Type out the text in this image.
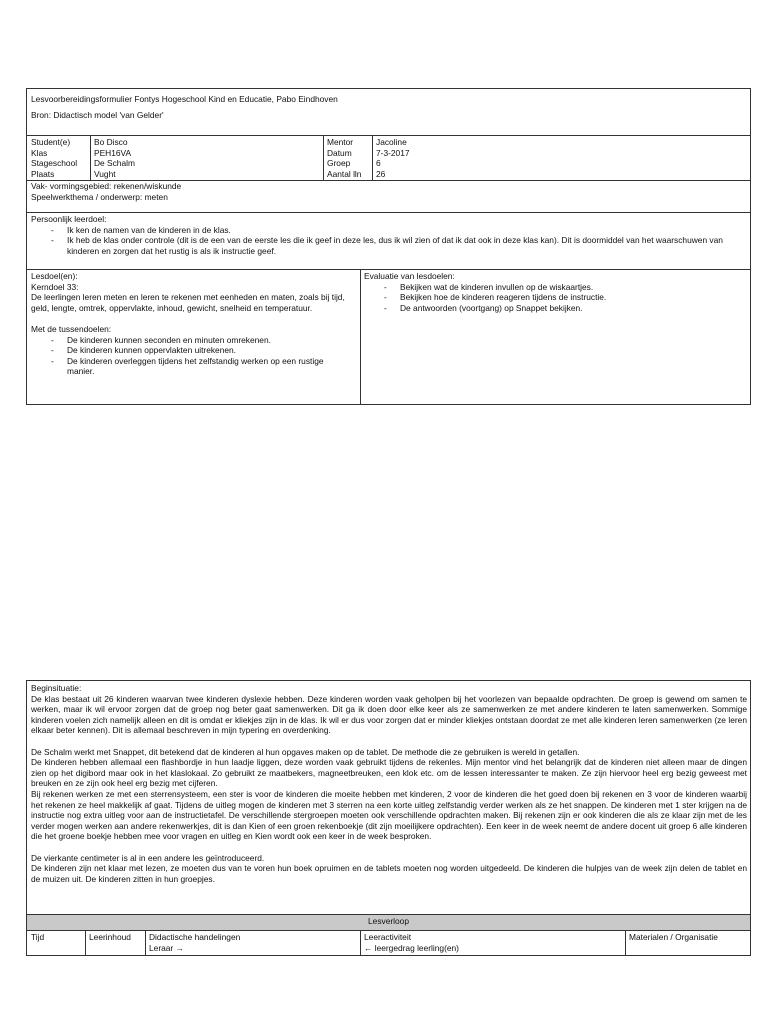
Lesvoorbereidingsformulier Fontys Hogeschool Kind en Educatie, Pabo Eindhoven
Bron: Didactisch model 'van Gelder'
Student(e)
Klas
Stageschool
Plaats
Bo Disco
PEH16VA
De Schalm
Vught
Mentor
Datum
Groep
Aantal lln
Jacoline
7-3-2017
6
26
Vak- vormingsgebied: rekenen/wiskunde
Speelwerkthema / onderwerp: meten
Persoonlijk leerdoel:
- Ik ken de namen van de kinderen in de klas.
- Ik heb de klas onder controle (dit is de een van de eerste les die ik geef in deze les, dus ik wil zien of dat ik dat ook in deze klas kan). Dit is doormiddel van het waarschuwen van kinderen en zorgen dat het rustig is als ik instructie geef.
Lesdoel(en):
Kerndoel 33:
De leerlingen leren meten en leren te rekenen met eenheden en maten, zoals bij tijd, geld, lengte, omtrek, oppervlakte, inhoud, gewicht, snelheid en temperatuur.
Met de tussendoelen:
- De kinderen kunnen seconden en minuten omrekenen.
- De kinderen kunnen oppervlakten uitrekenen.
- De kinderen overleggen tijdens het zelfstandig werken op een rustige manier.
Evaluatie van lesdoelen:
- Bekijken wat de kinderen invullen op de wiskaartjes.
- Bekijken hoe de kinderen reageren tijdens de instructie.
- De antwoorden (voortgang) op Snappet bekijken.
Beginsituatie:

De klas bestaat uit 26 kinderen waarvan twee kinderen dyslexie hebben. Deze kinderen worden vaak geholpen bij het voorlezen van bepaalde opdrachten. De groep is gewend om samen te werken, maar ik wil ervoor zorgen dat de groep nog beter gaat samenwerken. Dit ga ik doen door elke keer als ze samenwerken ze met andere kinderen te laten samenwerken. Sommige kinderen voelen zich namelijk alleen en dit is omdat er kliekjes zijn in de klas. Ik wil er dus voor zorgen dat er minder kliekjes ontstaan doordat ze met alle kinderen leren samenwerken (ze leren elkaar beter kennen). Dit is allemaal beschreven in mijn typering en overdenking.

De Schalm werkt met Snappet, dit betekend dat de kinderen al hun opgaves maken op de tablet. De methode die ze gebruiken is wereld in getallen.

De kinderen hebben allemaal een flashbordje in hun laadje liggen, deze worden vaak gebruikt tijdens de rekenles. Mijn mentor vind het belangrijk dat de kinderen niet alleen maar de dingen zien op het digibord maar ook in het klaslokaal. Zo gebruikt ze maatbekers, magneetbreuken, een klok etc. om de lessen interessanter te maken. Ze zijn hiervoor heel erg bezig geweest met breuken en ze zijn ook heel erg bezig met cijferen.

Bij rekenen werken ze met een sterrensysteem, een ster is voor de kinderen die moeite hebben met kinderen, 2 voor de kinderen die het goed doen bij rekenen en 3 voor de kinderen waarbij het rekenen ze heel makkelijk af gaat. Tijdens de uitleg mogen de kinderen met 3 sterren na een korte uitleg zelfstandig verder werken als ze het snappen. De kinderen met 1 ster krijgen na de instructie nog extra uitleg voor aan de instructietafel. De verschillende stergroepen moeten ook verschillende opdrachten maken. Bij rekenen zijn er ook kinderen die als ze klaar zijn met de les verder mogen werken aan andere rekenwerkjes, dit is dan Kien of een groen rekenboekje (dit zijn moeilijkere opdrachten). Een keer in de week neemt de andere docent uit groep 6 alle kinderen die het groene boekje hebben mee voor vragen en uitleg en Kien wordt ook een keer in de week besproken.

De vierkante centimeter is al in een andere les geïntroduceerd.

De kinderen zijn net klaar met lezen, ze moeten dus van te voren hun boek opruimen en de tablets moeten nog worden uitgedeeld. De kinderen die hulpjes van de week zijn delen de tablet en de muizen uit. De kinderen zitten in hun groepjes.

Lesverloop
Tijd	Leerinhoud Didactische handelingen
Leraar →
Leeractiviteit
← leergedrag leerling(en)
Materialen / Organisatie
